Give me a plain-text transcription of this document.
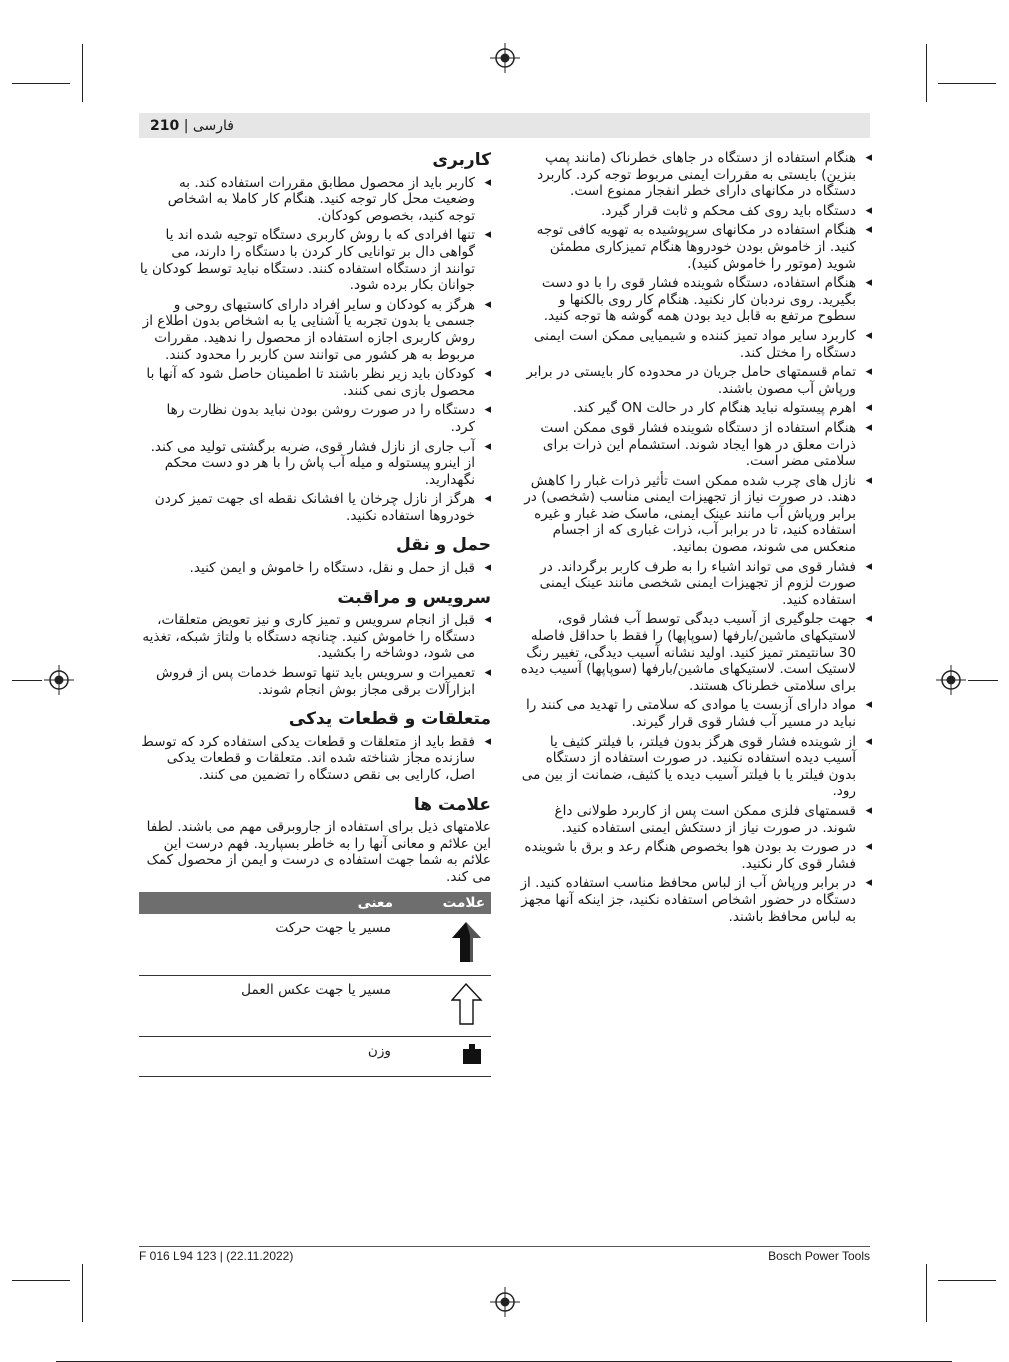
210 | فارسی
◂ هنگام استفاده از دستگاه در جاهای خطرناک (مانند پمپ بنزین) بایستی به مقررات ایمنی مربوط توجه کرد. کاربرد دستگاه در مکانهای دارای خطر انفجار ممنوع است.
◂ دستگاه باید روی کف محکم و ثابت قرار گیرد.
◂ هنگام استفاده در مکانهای سرپوشیده به تهویه کافی توجه کنید. از خاموش بودن خودروها هنگام تمیزکاری مطمئن شوید (موتور را خاموش کنید).
◂ هنگام استفاده، دستگاه شوینده فشار قوی را با دو دست بگیرید. روی نردبان کار نکنید. هنگام کار روی بالکنها و سطوح مرتفع به قابل دید بودن همه گوشه ها توجه کنید.
◂ کاربرد سایر مواد تمیز کننده و شیمیایی ممکن است ایمنی دستگاه را مختل کند.
◂ تمام قسمتهای حامل جریان در محدوده کار بایستی در برابر ورپاش آب مصون باشند.
◂ اهرم پیستوله نباید هنگام کار در حالت ON گیر کند.
◂ هنگام استفاده از دستگاه شوینده فشار قوی ممکن است ذرات معلق در هوا ایجاد شوند. استشمام این ذرات برای سلامتی مضر است.
◂ نازل های چرب شده ممکن است تأثیر ذرات غبار را کاهش دهند. در صورت نیاز از تجهیزات ایمنی مناسب (شخصی) در برابر ورپاش آب مانند عینک ایمنی، ماسک ضد غبار و غیره استفاده کنید، تا در برابر آب، ذرات غباری که از اجسام منعکس می شوند، مصون بمانید.
◂ فشار قوی می تواند اشیاء را به طرف کاربر برگرداند. در صورت لزوم از تجهیزات ایمنی شخصی مانند عینک ایمنی استفاده کنید.
◂ جهت جلوگیری از آسیب دیدگی توسط آب فشار قوی، لاستیکهای ماشین/بارفها (سوپاپها) را فقط با حداقل فاصله 30 سانتیمتر تمیز کنید. اولید نشانه آسیب دیدگی، تغییر رنگ لاستیک است. لاستیکهای ماشین/بارفها (سوپاپها) آسیب دیده برای سلامتی خطرناک هستند.
◂ مواد دارای آزبست یا موادی که سلامتی را تهدید می کنند را نباید در مسیر آب فشار قوی قرار گیرند.
◂ از شوینده فشار قوی هرگز بدون فیلتر، با فیلتر کثیف یا آسیب دیده استفاده نکنید. در صورت استفاده از دستگاه بدون فیلتر یا با فیلتر آسیب دیده یا کثیف، ضمانت از بین می رود.
◂ قسمتهای فلزی ممکن است پس از کاربرد طولانی داغ شوند. در صورت نیاز از دستکش ایمنی استفاده کنید.
◂ در صورت بد بودن هوا بخصوص هنگام رعد و برق با شوینده فشار قوی کار نکنید.
◂ در برابر ورپاش آب از لباس محافظ مناسب استفاده کنید. از دستگاه در حضور اشخاص استفاده نکنید، جز اینکه آنها مجهز به لباس محافظ باشند.
کاربری
◂ کاربر باید از محصول مطابق مقررات استفاده کند. به وضعیت محل کار توجه کنید. هنگام کار کاملا به اشخاص توجه کنید، بخصوص کودکان.
◂ تنها افرادی که با روش کاربری دستگاه توجیه شده اند یا گواهی دال بر توانایی کار کردن با دستگاه را دارند، می توانند از دستگاه استفاده کنند. دستگاه نباید توسط کودکان یا جوانان بکار برده شود.
◂ هرگز به کودکان و سایر افراد دارای کاستیهای روحی و جسمی یا بدون تجربه یا آشنایی یا به اشخاص بدون اطلاع از روش کاربری اجازه استفاده از محصول را ندهید. مقررات مربوط به هر کشور می توانند سن کاربر را محدود کنند.
◂ کودکان باید زیر نظر باشند تا اطمینان حاصل شود که آنها با محصول بازی نمی کنند.
◂ دستگاه را در صورت روشن بودن نباید بدون نظارت رها کرد.
◂ آب جاری از نازل فشار قوی، ضربه برگشتی تولید می کند. از اینرو پیستوله و میله آب پاش را با هر دو دست محکم نگهدارید.
◂ هرگز از نازل چرخان یا افشانک نقطه ای جهت تمیز کردن خودروها استفاده نکنید.
حمل و نقل
◂ قبل از حمل و نقل، دستگاه را خاموش و ایمن کنید.
سرویس و مراقبت
◂ قبل از انجام سرویس و تمیز کاری و نیز تعویض متعلقات، دستگاه را خاموش کنید. چنانچه دستگاه با ولتاژ شبکه، تغذیه می شود، دوشاخه را بکشید.
◂ تعمیرات و سرویس باید تنها توسط خدمات پس از فروش ابزارآلات برقی مجاز بوش انجام شوند.
متعلقات و قطعات یدکی
◂ فقط باید از متعلقات و قطعات یدکی استفاده کرد که توسط سازنده مجاز شناخته شده اند. متعلقات و قطعات یدکی اصل، کارایی بی نقص دستگاه را تضمین می کنند.
علامت ها
علامتهای ذیل برای استفاده از جاروبرقی مهم می باشند. لطفا این علائم و معانی آنها را به خاطر بسپارید. فهم درست این علائم به شما جهت استفاده ی درست و ایمن از محصول کمک می کند.
علامت	معنی
	مسیر یا جهت حرکت
	مسیر یا جهت عکس العمل
	وزن
F 016 L94 123 | (22.11.2022)	Bosch Power Tools
